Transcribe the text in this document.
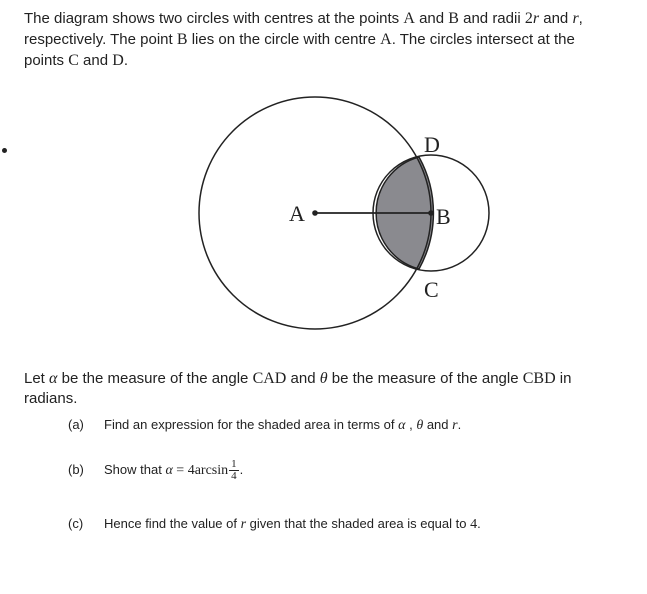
The diagram shows two circles with centres at the points A and B and radii 2r and r,
respectively. The point B lies on the circle with centre A. The circles intersect at the
points C and D.
A	B
C
D
Let α be the measure of the angle CAD and θ be the measure of the angle CBD in
radians.
(a) Find an expression for the shaded area in terms of α , θ and r.
(b) Show that $\alpha = 4\arcsin \frac{1}{4}$ .
(c) Hence find the value of r given that the shaded area is equal to 4.
